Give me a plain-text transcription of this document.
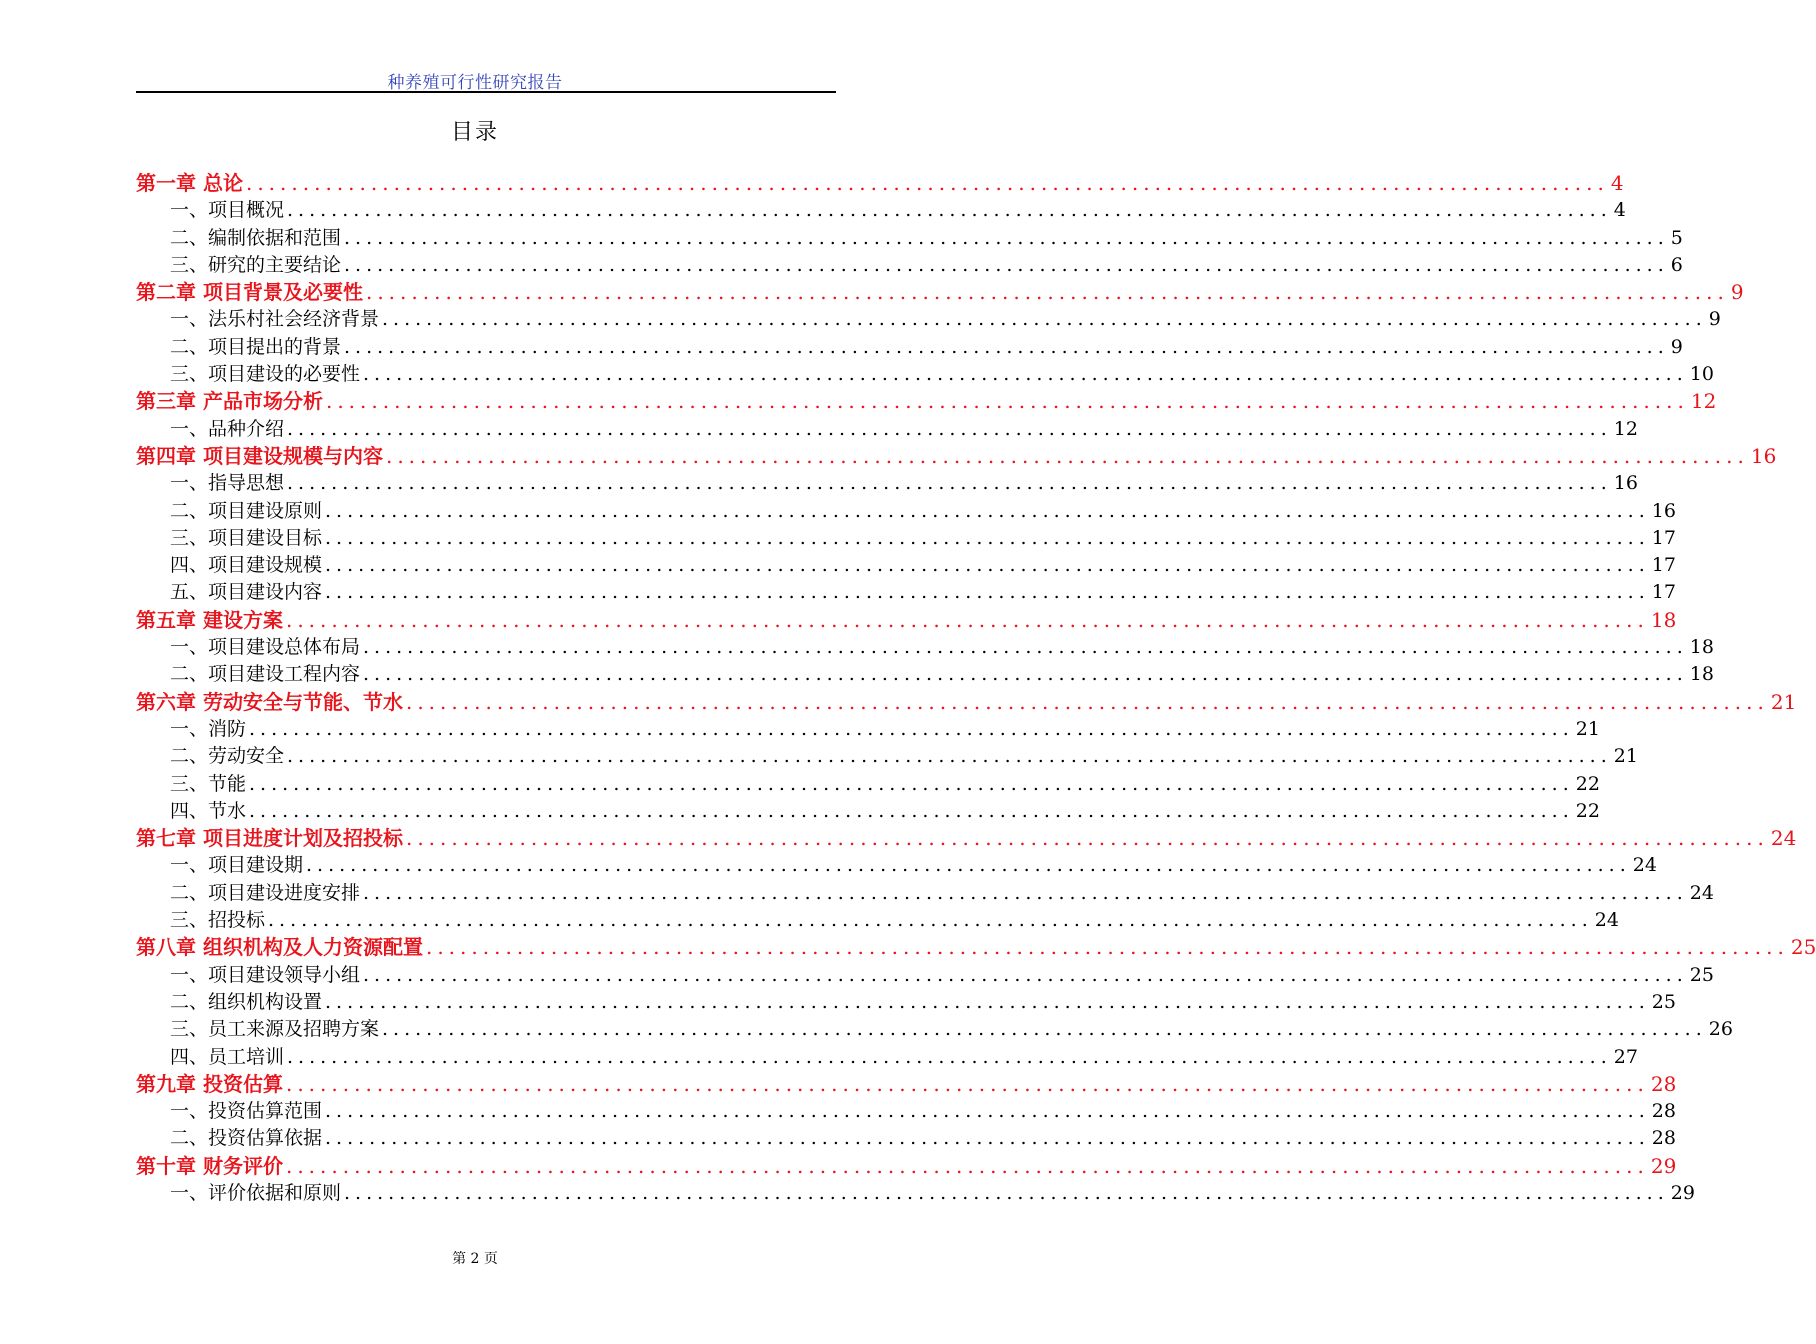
种养殖可行性研究报告
目录
第一章 总论 ........................................................................................................................ 4
一、项目概况 ........................................................................................................................ 4
二、编制依据和范围 ........................................................................................................................ 5
三、研究的主要结论 ........................................................................................................................ 6
第二章 项目背景及必要性 ........................................................................................................................ 9
一、法乐村社会经济背景 ........................................................................................................................ 9
二、项目提出的背景 ........................................................................................................................ 9
三、项目建设的必要性 ........................................................................................................................ 10
第三章 产品市场分析 ........................................................................................................................ 12
一、品种介绍 ........................................................................................................................ 12
第四章 项目建设规模与内容 ........................................................................................................................ 16
一、指导思想 ........................................................................................................................ 16
二、项目建设原则 ........................................................................................................................ 16
三、项目建设目标 ........................................................................................................................ 17
四、项目建设规模 ........................................................................................................................ 17
五、项目建设内容 ........................................................................................................................ 17
第五章 建设方案 ........................................................................................................................ 18
一、项目建设总体布局 ........................................................................................................................ 18
二、项目建设工程内容 ........................................................................................................................ 18
第六章 劳动安全与节能、节水 ........................................................................................................................ 21
一、消防 ........................................................................................................................ 21
二、劳动安全 ........................................................................................................................ 21
三、节能 ........................................................................................................................ 22
四、节水 ........................................................................................................................ 22
第七章 项目进度计划及招投标 ........................................................................................................................ 24
一、项目建设期 ........................................................................................................................ 24
二、项目建设进度安排 ........................................................................................................................ 24
三、招投标 ........................................................................................................................ 24
第八章 组织机构及人力资源配置 ........................................................................................................................ 25
一、项目建设领导小组 ........................................................................................................................ 25
二、组织机构设置 ........................................................................................................................ 25
三、员工来源及招聘方案 ........................................................................................................................ 26
四、员工培训 ........................................................................................................................ 27
第九章 投资估算 ........................................................................................................................ 28
一、投资估算范围 ........................................................................................................................ 28
二、投资估算依据 ........................................................................................................................ 28
第十章 财务评价 ........................................................................................................................ 29
一、评价依据和原则 ........................................................................................................................ 29
第 2 页
